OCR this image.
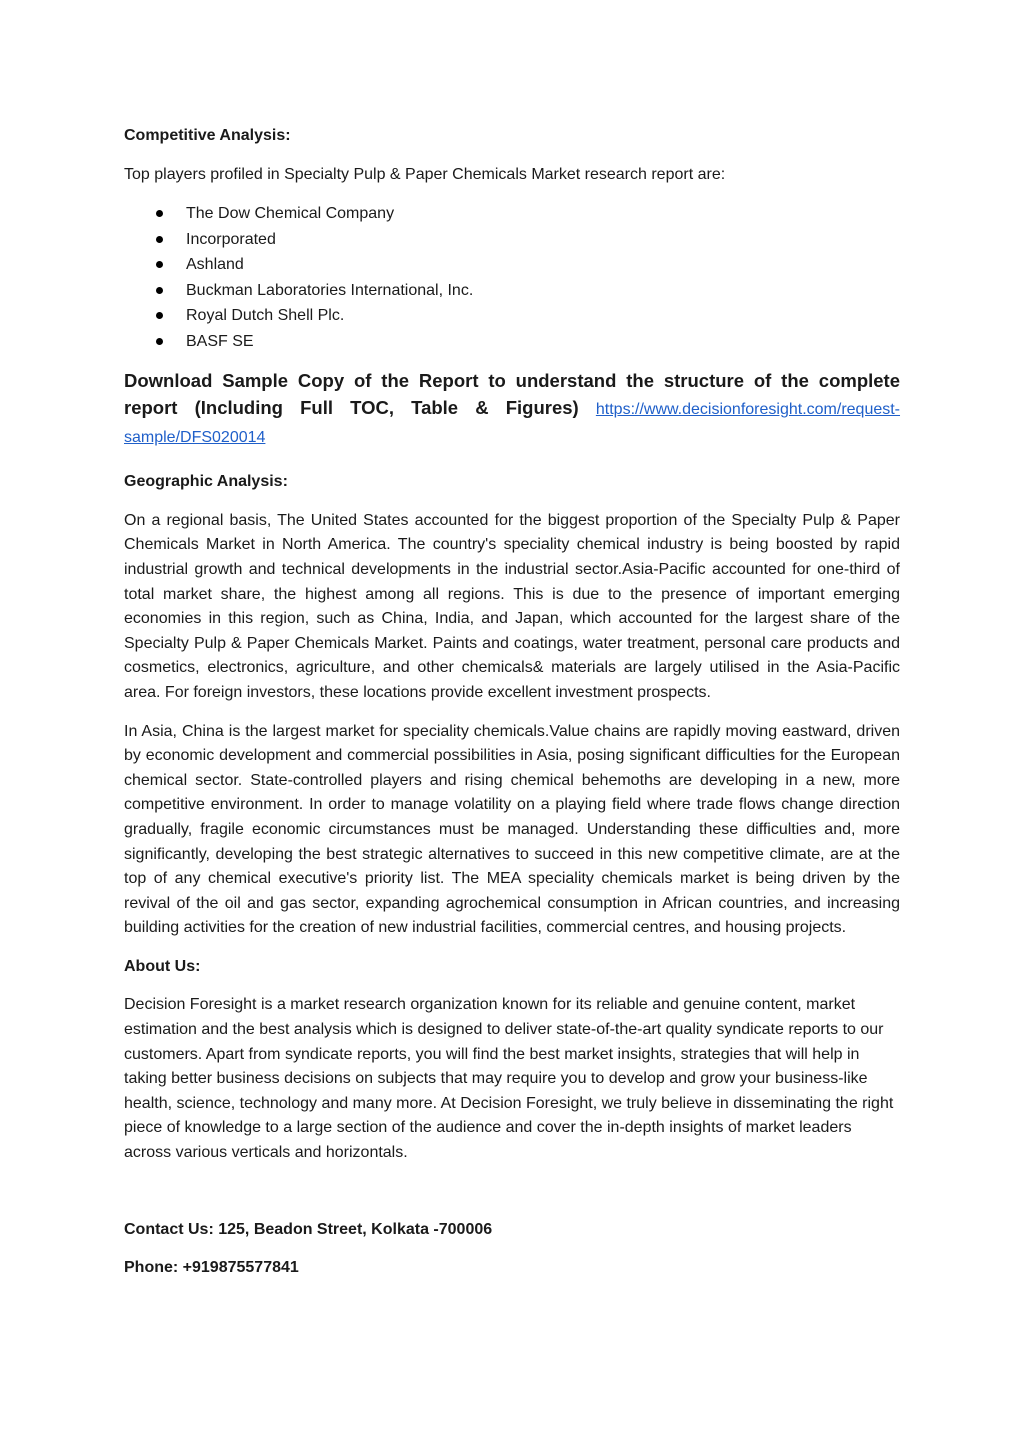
Competitive Analysis:

Top players profiled in Specialty Pulp & Paper Chemicals Market research report are:

The Dow Chemical Company
Incorporated
Ashland
Buckman Laboratories International, Inc.
Royal Dutch Shell Plc.
BASF SE

Download Sample Copy of the Report to understand the structure of the complete report (Including Full TOC, Table & Figures) https://www.decisionforesight.com/request-sample/DFS020014

Geographic Analysis:

On a regional basis, The United States accounted for the biggest proportion of the Specialty Pulp & Paper Chemicals Market in North America. The country's speciality chemical industry is being boosted by rapid industrial growth and technical developments in the industrial sector.Asia-Pacific accounted for one-third of total market share, the highest among all regions. This is due to the presence of important emerging economies in this region, such as China, India, and Japan, which accounted for the largest share of the Specialty Pulp & Paper Chemicals Market. Paints and coatings, water treatment, personal care products and cosmetics, electronics, agriculture, and other chemicals& materials are largely utilised in the Asia-Pacific area. For foreign investors, these locations provide excellent investment prospects.

In Asia, China is the largest market for speciality chemicals.Value chains are rapidly moving eastward, driven by economic development and commercial possibilities in Asia, posing significant difficulties for the European chemical sector. State-controlled players and rising chemical behemoths are developing in a new, more competitive environment. In order to manage volatility on a playing field where trade flows change direction gradually, fragile economic circumstances must be managed. Understanding these difficulties and, more significantly, developing the best strategic alternatives to succeed in this new competitive climate, are at the top of any chemical executive's priority list. The MEA speciality chemicals market is being driven by the revival of the oil and gas sector, expanding agrochemical consumption in African countries, and increasing building activities for the creation of new industrial facilities, commercial centres, and housing projects.

About Us:

Decision Foresight is a market research organization known for its reliable and genuine content, market estimation and the best analysis which is designed to deliver state-of-the-art quality syndicate reports to our customers. Apart from syndicate reports, you will find the best market insights, strategies that will help in taking better business decisions on subjects that may require you to develop and grow your business-like health, science, technology and many more. At Decision Foresight, we truly believe in disseminating the right piece of knowledge to a large section of the audience and cover the in-depth insights of market leaders across various verticals and horizontals.

Contact Us: 125, Beadon Street, Kolkata -700006

Phone: +919875577841
